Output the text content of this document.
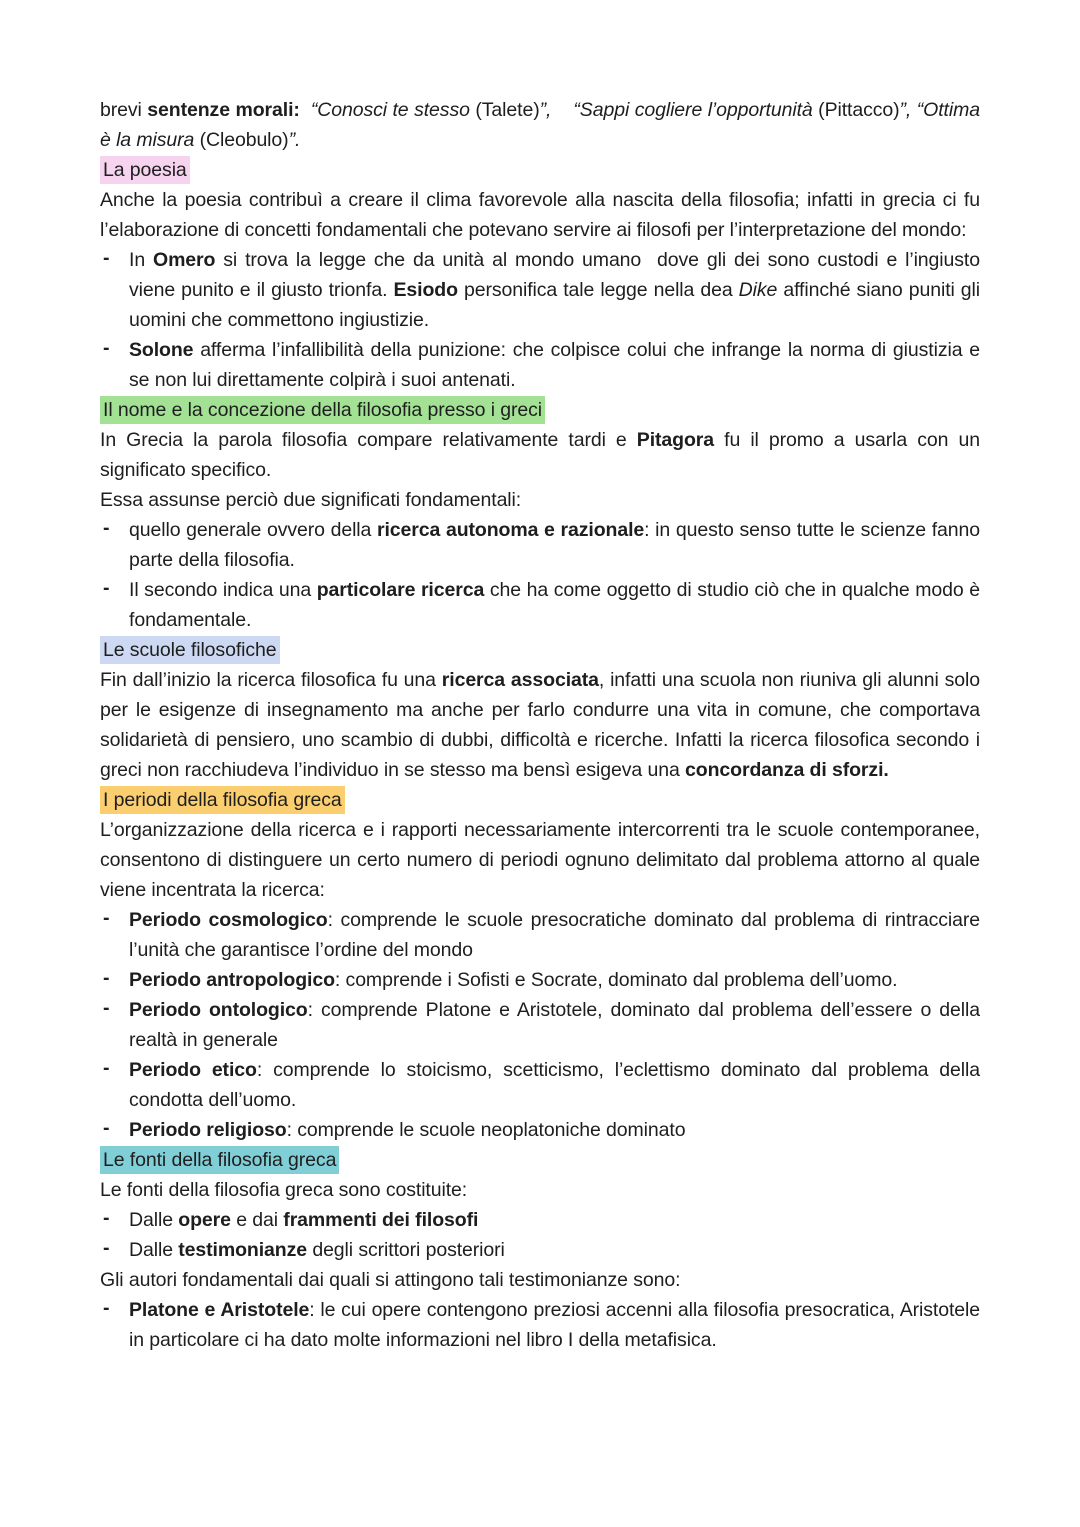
brevi sentenze morali: “Conosci te stesso (Talete)”, “Sappi cogliere l’opportunità (Pittacco)”, “Ottima è la misura (Cleobulo)”.
La poesia
Anche la poesia contribuì a creare il clima favorevole alla nascita della filosofia; infatti in grecia ci fu l’elaborazione di concetti fondamentali che potevano servire ai filosofi per l’interpretazione del mondo:
- In Omero si trova la legge che da unità al mondo umano  dove gli dei sono custodi e l’ingiusto viene punito e il giusto trionfa. Esiodo personifica tale legge nella dea Dike affinché siano puniti gli uomini che commettono ingiustizie.
- Solone afferma l’infallibilità della punizione: che colpisce colui che infrange la norma di giustizia e se non lui direttamente colpirà i suoi antenati.
Il nome e la concezione della filosofia presso i greci
In Grecia la parola filosofia compare relativamente tardi e Pitagora fu il promo a usarla con un significato specifico.
Essa assunse perciò due significati fondamentali:
- quello generale ovvero della ricerca autonoma e razionale: in questo senso tutte le scienze fanno parte della filosofia.
- Il secondo indica una particolare ricerca che ha come oggetto di studio ciò che in qualche modo è fondamentale.
Le scuole filosofiche
Fin dall’inizio la ricerca filosofica fu una ricerca associata, infatti una scuola non riuniva gli alunni solo per le esigenze di insegnamento ma anche per farlo condurre una vita in comune, che comportava solidarietà di pensiero, uno scambio di dubbi, difficoltà e ricerche. Infatti la ricerca filosofica secondo i greci non racchiudeva l’individuo in se stesso ma bensì esigeva una concordanza di sforzi.
I periodi della filosofia greca
L’organizzazione della ricerca e i rapporti necessariamente intercorrenti tra le scuole contemporanee, consentono di distinguere un certo numero di periodi ognuno delimitato dal problema attorno al quale viene incentrata la ricerca:
- Periodo cosmologico: comprende le scuole presocratiche dominato dal problema di rintracciare l’unità che garantisce l’ordine del mondo
- Periodo antropologico: comprende i Sofisti e Socrate, dominato dal problema dell’uomo.
- Periodo ontologico: comprende Platone e Aristotele, dominato dal problema dell’essere o della realtà in generale
- Periodo etico: comprende lo stoicismo, scetticismo, l’eclettismo dominato dal problema della condotta dell’uomo.
- Periodo religioso: comprende le scuole neoplatoniche dominato
Le fonti della filosofia greca
Le fonti della filosofia greca sono costituite:
- Dalle opere e dai frammenti dei filosofi
- Dalle testimonianze degli scrittori posteriori
Gli autori fondamentali dai quali si attingono tali testimonianze sono:
- Platone e Aristotele: le cui opere contengono preziosi accenni alla filosofia presocratica, Aristotele in particolare ci ha dato molte informazioni nel libro I della metafisica.
